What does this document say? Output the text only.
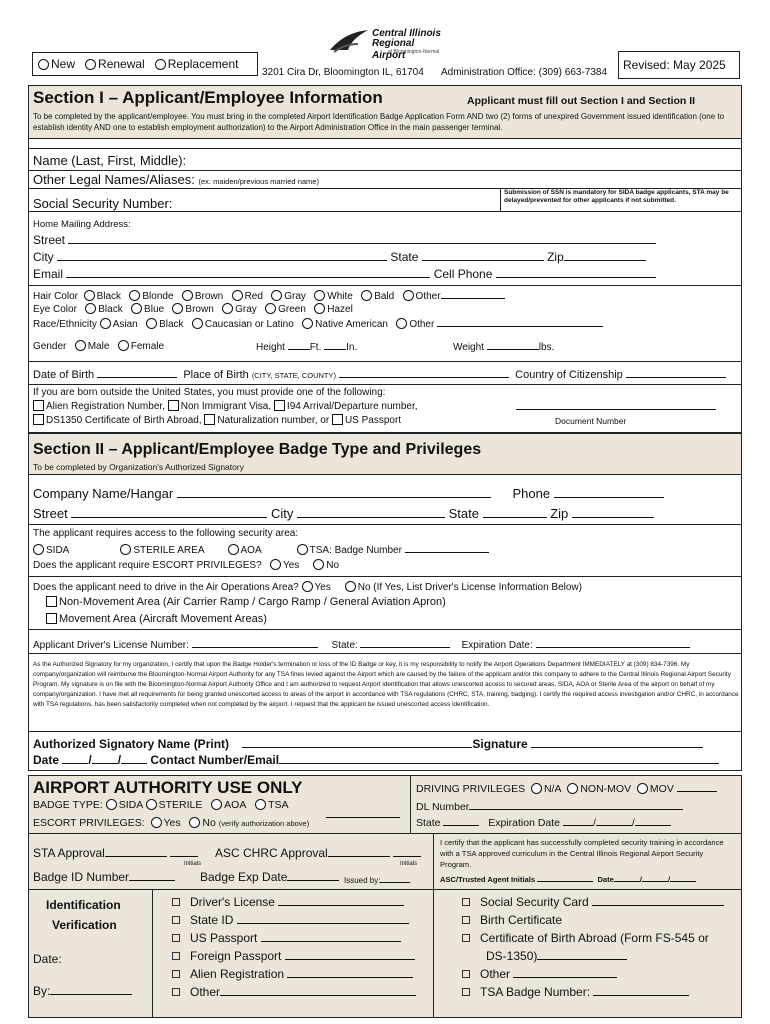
New Renewal Replacement
Central Illinois
Regional Airport
at Bloomington-Normal
3201 Cira Dr, Bloomington IL, 61704 Administration Office: (309) 663-7384
Revised: May 2025
Section I – Applicant/Employee Information	Applicant must fill out Section I and Section II
To be completed by the applicant/employee. You must bring in the completed Airport Identification Badge Application Form AND two (2) forms of unexpired Government issued identification (one to establish identity AND one to establish employment authorization) to the Airport Administration Office in the main passenger terminal.
Name (Last, First, Middle):
Other Legal Names/Aliases: (ex. maiden/previous married name)
Social Security Number:
Submission of SSN is mandatory for SIDA badge applicants, STA may be delayed/prevented for other applicants if not submitted.
Home Mailing Address:
Street
City	State	Zip
Email	Cell Phone
Hair Color Black Blonde Brown Red Gray White Bald Other
Eye Color Black Blue Brown Gray Green Hazel
Race/Ethnicity Asian Black Caucasian or Latino Native American Other
Gender Male Female	Height Ft. In.	Weight	lbs.
Date of Birth	Place of Birth (CITY, STATE, COUNTY)	Country of Citizenship
If you are born outside the United States, you must provide one of the following:
Alien Registration Number, Non Immigrant Visa, I94 Arrival/Departure number,
DS1350 Certificate of Birth Abroad, Naturalization number, or US Passport	Document Number
Section II – Applicant/Employee Badge Type and Privileges
To be completed by Organization's Authorized Signatory
Company Name/Hangar	Phone
Street	City	State	Zip
The applicant requires access to the following security area:
SIDA	STERILE AREA	AOA	TSA: Badge Number
Does the applicant require ESCORT PRIVILEGES? Yes	No
Does the applicant need to drive in the Air Operations Area? Yes	No (If Yes, List Driver's License Information Below)
Non-Movement Area (Air Carrier Ramp / Cargo Ramp / General Aviation Apron)
Movement Area (Aircraft Movement Areas)
Applicant Driver's License Number:	State:	Expiration Date:
As the Authorized Signatory for my organization, I certify that upon the Badge Holder's termination or loss of the ID Badge or key, it is my responsibility to notify the Airport Operations Department IMMEDIATELY at (309) 834-7396. My company/organization will reimburse the Bloomington-Normal Airport Authority for any TSA fines levied against the Airport which are caused by the failure of the applicant and/or this company to adhere to the Central Illinois Regional Airport Security Program. My signature is on file with the Bloomington-Normal Airport Authority Office and I am authorized to request Airport identification that allows unescorted access to secured areas, SIDA, AOA or Sterile Area of the airport on behalf of my company/organization. I have met all requirements for being granted unescorted access to areas of the airport in accordance with TSA regulations (CHRC, STA, training, badging). I certify the required access investigation and/or CHRC, in accordance with TSA regulations, has been satisfactorily completed when not completed by the airport. I request that the applicant be issued unescorted access identification.
Authorized Signatory Name (Print)	Signature
Date / / Contact Number/Email
AIRPORT AUTHORITY USE ONLY
BADGE TYPE: SIDA STERILE AOA TSA
ESCORT PRIVILEGES: Yes No (verify authorization above)
DRIVING PRIVILEGES N/A NON-MOV MOV
DL Number
State	Expiration Date	/	/
STA Approval
Initials
ASC CHRC Approval
Initials
Badge ID Number	Badge Exp Date	Issued by:
I certify that the applicant has successfully completed security training in accordance with a TSA approved curriculum in the Central Illinois Regional Airport Security Program.
ASC/Trusted Agent Initials	Date	/	/
Identification
Verification
Date:
By:
Driver's License
State ID
US Passport
Foreign Passport
Alien Registration
Other
Social Security Card
Birth Certificate
Certificate of Birth Abroad (Form FS-545 or
DS-1350)
Other
TSA Badge Number:
